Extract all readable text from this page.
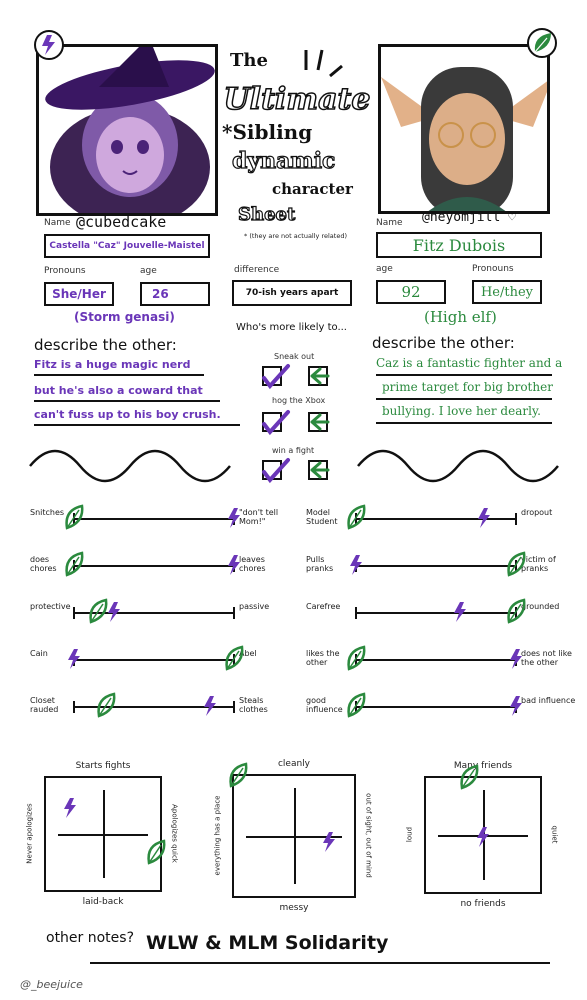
The
Ultimate
*Sibling
dynamic
character
Sheet
* (they are not actually related)
Name @cubedcake
Castella "Caz" Jouvelle-Maistel
Pronouns	age
She/Her	26
(Storm genasi)
describe the other:
Fitz is a huge magic nerd
but he's also a coward that
can't fuss up to his boy crush.
Name @heyomjill ♡
Fitz Dubois
age	Pronouns
92	He/they
(High elf)
describe the other:
Caz is a fantastic fighter and a
prime target for big brother
bullying. I love her dearly.
difference
70-ish years apart
Who's more likely to...
Sneak out
hog the Xbox
win a fight
Snitches	"don't tell Mom!"
does chores
leaves chores
protective	passive
Cain	Abel
Closet rauded
Steals clothes
Model Student
dropout
Pulls pranks
victim of pranks
Carefree	grounded
likes the other
does not like the other
good influence
bad influence
Starts fights
laid-back
Never apologizes	Apologizes quick
cleanly
messy
everything has a place	out of sight, out of mind
Many friends
no friends
loud	quiet
other notes? WLW & MLM Solidarity
@_beejuice
